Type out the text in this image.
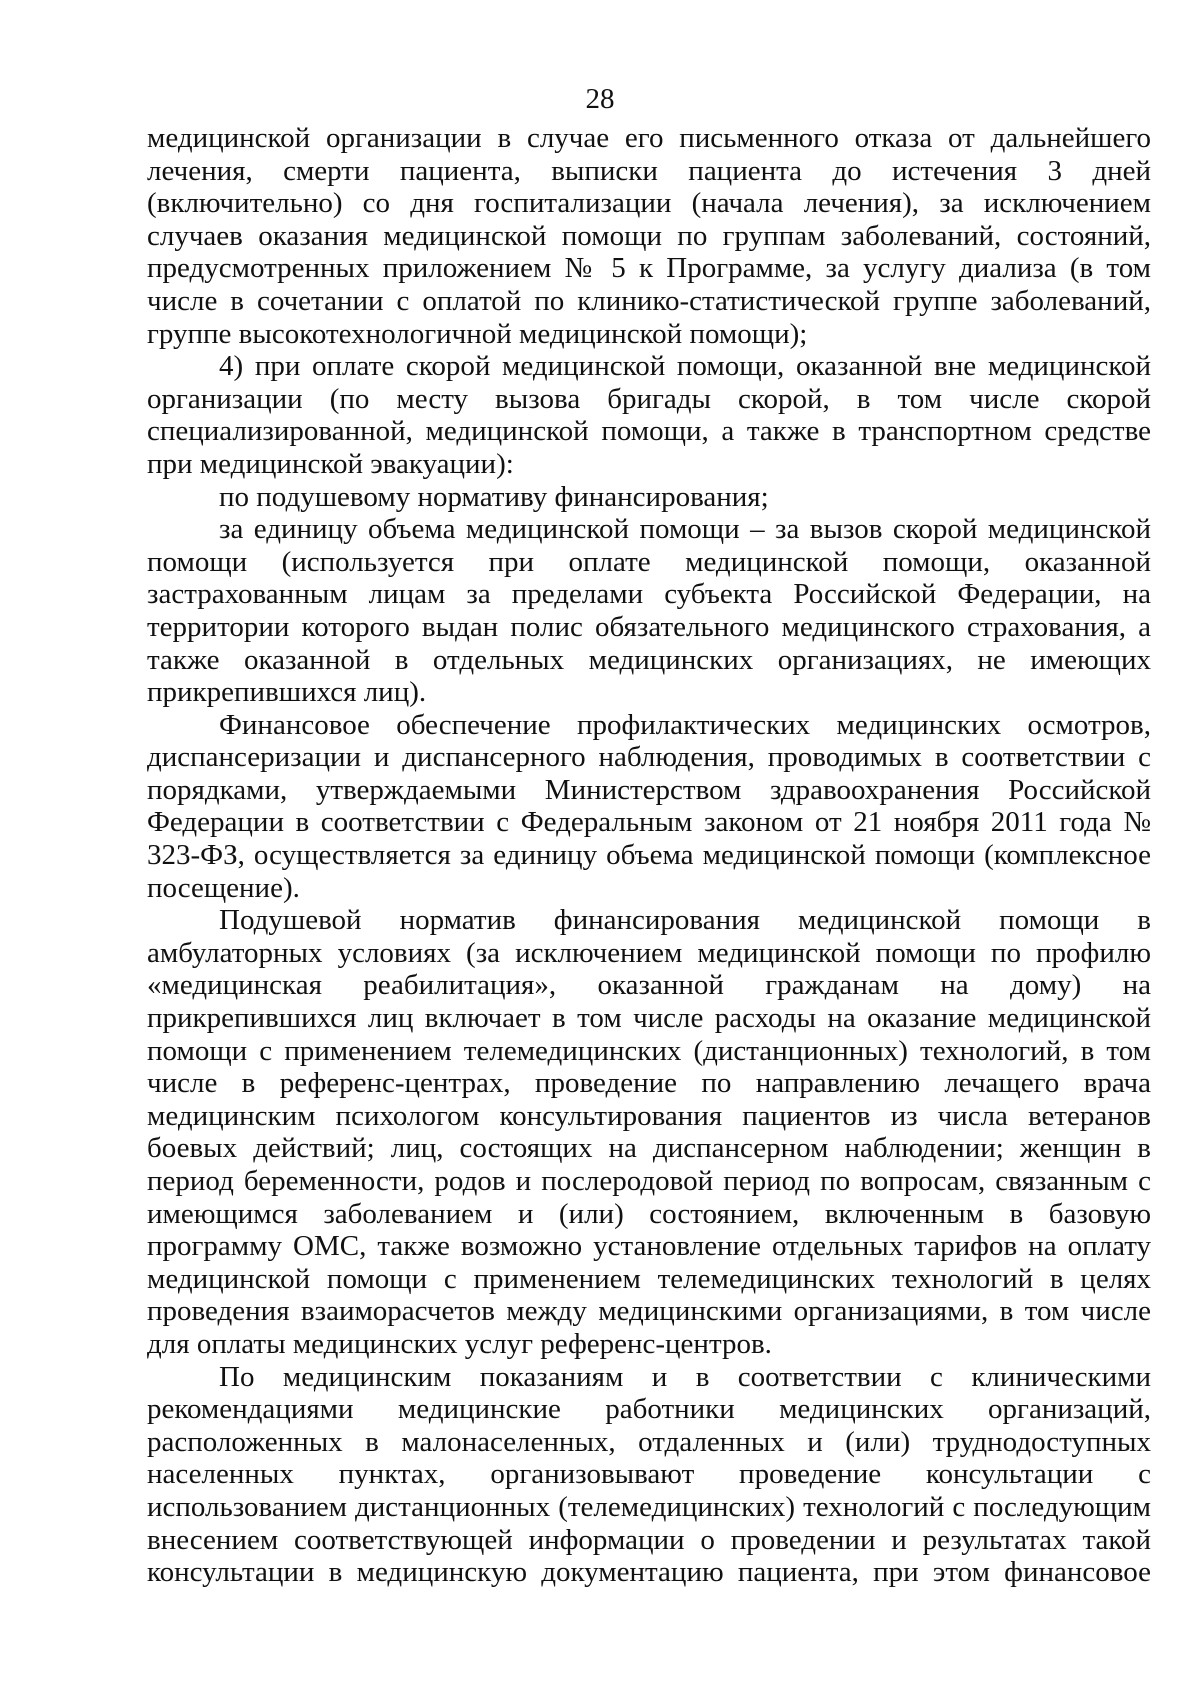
28

медицинской организации в случае его письменного отказа от дальнейшего лечения, смерти пациента, выписки пациента до истечения 3 дней (включительно) со дня госпитализации (начала лечения), за исключением случаев оказания медицинской помощи по группам заболеваний, состояний, предусмотренных приложением № 5 к Программе, за услугу диализа (в том числе в сочетании с оплатой по клинико-статистической группе заболеваний, группе высокотехнологичной медицинской помощи);

4) при оплате скорой медицинской помощи, оказанной вне медицинской организации (по месту вызова бригады скорой, в том числе скорой специализированной, медицинской помощи, а также в транспортном средстве при медицинской эвакуации):

по подушевому нормативу финансирования;

за единицу объема медицинской помощи – за вызов скорой медицинской помощи (используется при оплате медицинской помощи, оказанной застрахованным лицам за пределами субъекта Российской Федерации, на территории которого выдан полис обязательного медицинского страхования, а также оказанной в отдельных медицинских организациях, не имеющих прикрепившихся лиц).

Финансовое обеспечение профилактических медицинских осмотров, диспансеризации и диспансерного наблюдения, проводимых в соответствии с порядками, утверждаемыми Министерством здравоохранения Российской Федерации в соответствии с Федеральным законом от 21 ноября 2011 года № 323-ФЗ, осуществляется за единицу объема медицинской помощи (комплексное посещение).

Подушевой норматив финансирования медицинской помощи в амбулаторных условиях (за исключением медицинской помощи по профилю «медицинская реабилитация», оказанной гражданам на дому) на прикрепившихся лиц включает в том числе расходы на оказание медицинской помощи с применением телемедицинских (дистанционных) технологий, в том числе в референс-центрах, проведение по направлению лечащего врача медицинским психологом консультирования пациентов из числа ветеранов боевых действий; лиц, состоящих на диспансерном наблюдении; женщин в период беременности, родов и послеродовой период по вопросам, связанным с имеющимся заболеванием и (или) состоянием, включенным в базовую программу ОМС, также возможно установление отдельных тарифов на оплату медицинской помощи с применением телемедицинских технологий в целях проведения взаиморасчетов между медицинскими организациями, в том числе для оплаты медицинских услуг референс-центров.

По медицинским показаниям и в соответствии с клиническими рекомендациями медицинские работники медицинских организаций, расположенных в малонаселенных, отдаленных и (или) труднодоступных населенных пунктах, организовывают проведение консультации с использованием дистанционных (телемедицинских) технологий с последующим внесением соответствующей информации о проведении и результатах такой консультации в медицинскую документацию пациента, при этом финансовое
